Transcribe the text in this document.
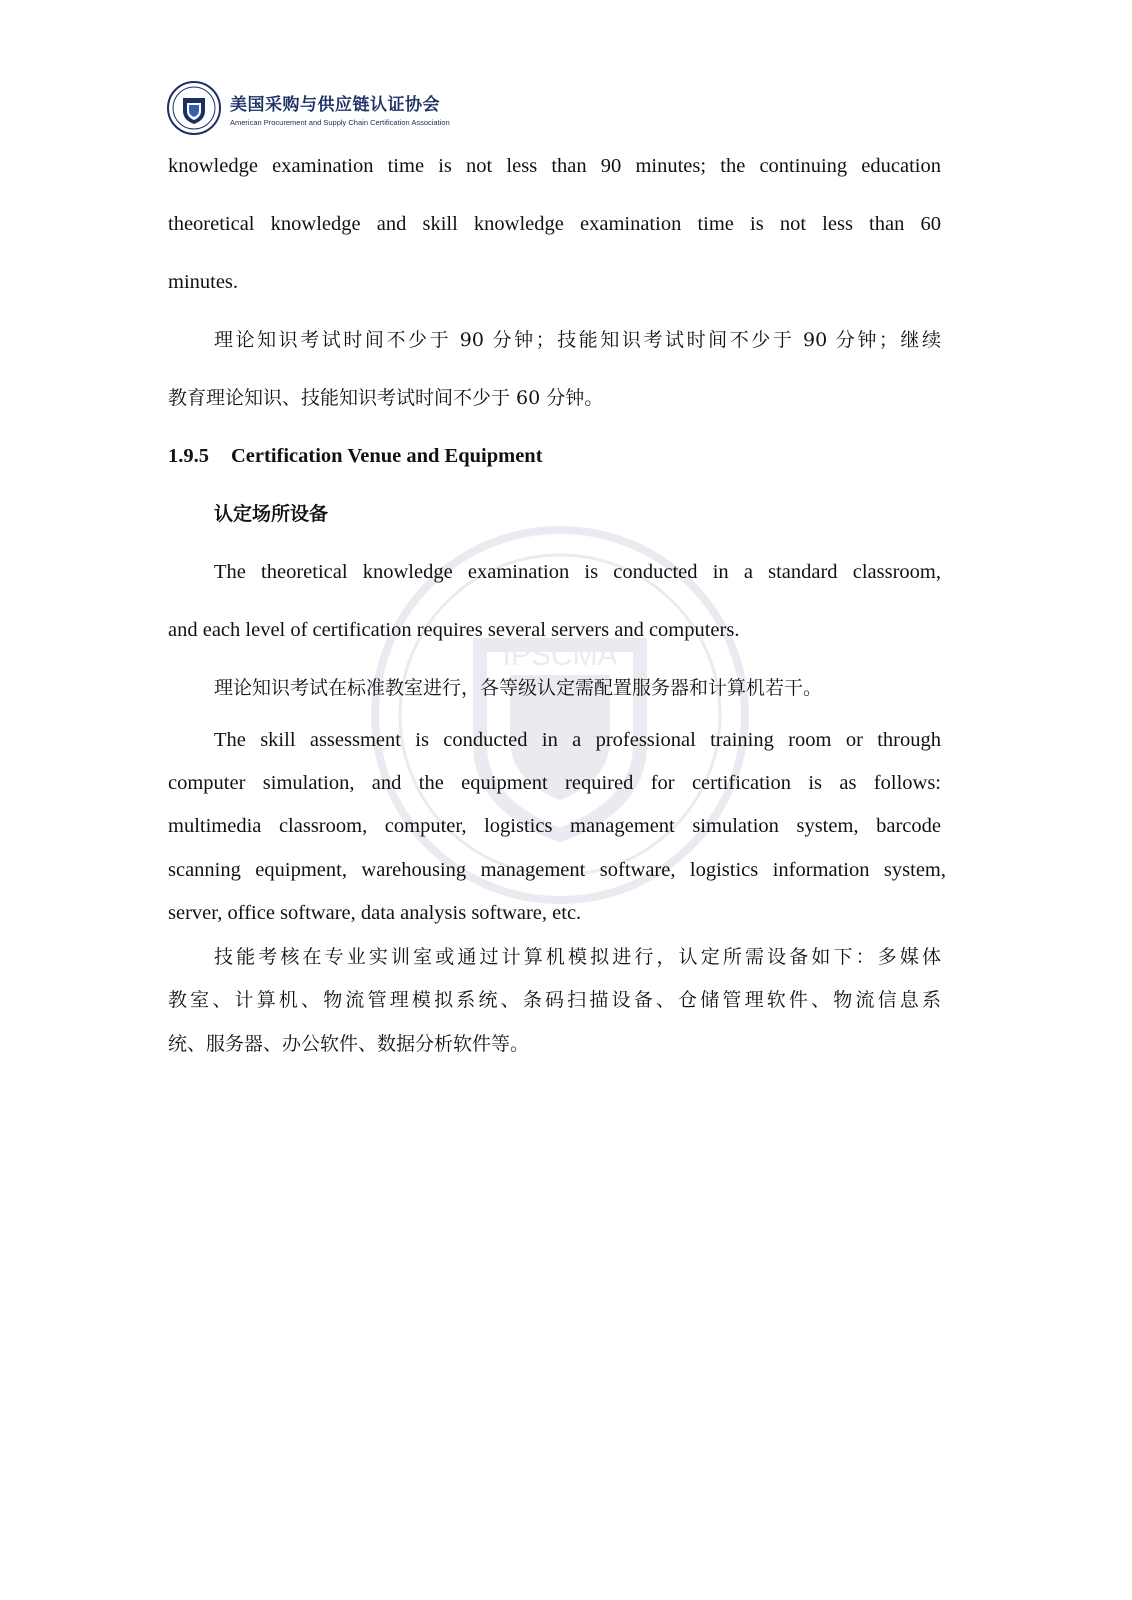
美国采购与供应链认证协会
American Procurement and Supply Chain Certification Association
IPSCMA
knowledge examination time is not less than 90 minutes; the continuing education
theoretical knowledge and skill knowledge examination time is not less than 60
minutes.
理论知识考试时间不少于 90 分钟；技能知识考试时间不少于 90 分钟；继续
教育理论知识、技能知识考试时间不少于 60 分钟。
1.9.5 Certification Venue and Equipment
认定场所设备
The theoretical knowledge examination is conducted in a standard classroom,
and each level of certification requires several servers and computers.
理论知识考试在标准教室进行，各等级认定需配置服务器和计算机若干。
The skill assessment is conducted in a professional training room or through
computer simulation, and the equipment required for certification is as follows:
multimedia classroom, computer, logistics management simulation system, barcode
scanning equipment, warehousing management software, logistics information system,
server, office software, data analysis software, etc.
技能考核在专业实训室或通过计算机模拟进行，认定所需设备如下：多媒体
教室、计算机、物流管理模拟系统、条码扫描设备、仓储管理软件、物流信息系
统、服务器、办公软件、数据分析软件等。
